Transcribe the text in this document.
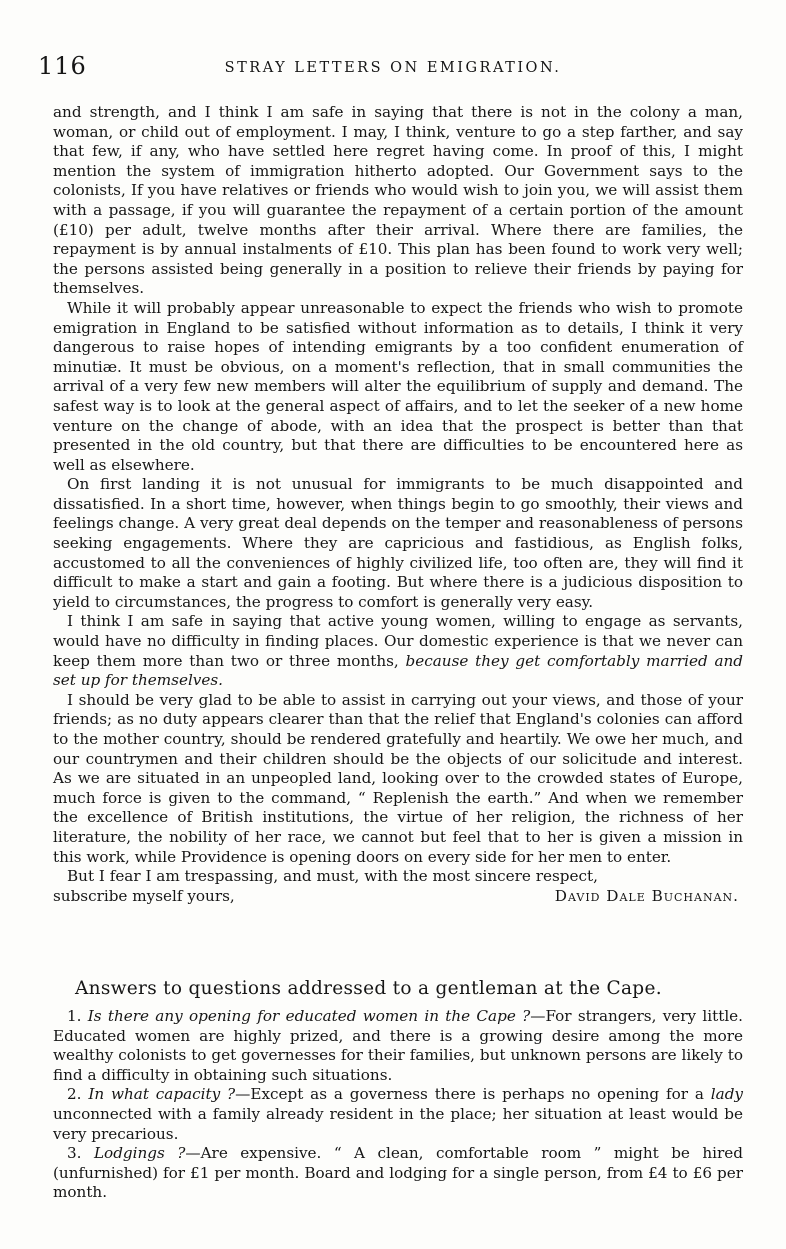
116	STRAY LETTERS ON EMIGRATION.

and strength, and I think I am safe in saying that there is not in the colony a man, woman, or child out of employment. I may, I think, venture to go a step farther, and say that few, if any, who have settled here regret having come. In proof of this, I might mention the system of immigration hitherto adopted. Our Government says to the colonists, If you have relatives or friends who would wish to join you, we will assist them with a passage, if you will guarantee the repayment of a certain portion of the amount (£10) per adult, twelve months after their arrival. Where there are families, the repayment is by annual instalments of £10. This plan has been found to work very well; the persons assisted being generally in a position to relieve their friends by paying for themselves.

While it will probably appear unreasonable to expect the friends who wish to promote emigration in England to be satisfied without information as to details, I think it very dangerous to raise hopes of intending emigrants by a too confident enumeration of minutiæ. It must be obvious, on a moment's reflection, that in small communities the arrival of a very few new members will alter the equilibrium of supply and demand. The safest way is to look at the general aspect of affairs, and to let the seeker of a new home venture on the change of abode, with an idea that the prospect is better than that presented in the old country, but that there are difficulties to be encountered here as well as elsewhere.

On first landing it is not unusual for immigrants to be much disappointed and dissatisfied. In a short time, however, when things begin to go smoothly, their views and feelings change. A very great deal depends on the temper and reasonableness of persons seeking engagements. Where they are capricious and fastidious, as English folks, accustomed to all the conveniences of highly civilized life, too often are, they will find it difficult to make a start and gain a footing. But where there is a judicious disposition to yield to circumstances, the progress to comfort is generally very easy.

I think I am safe in saying that active young women, willing to engage as servants, would have no difficulty in finding places. Our domestic experience is that we never can keep them more than two or three months, because they get comfortably married and set up for themselves.

I should be very glad to be able to assist in carrying out your views, and those of your friends; as no duty appears clearer than that the relief that England's colonies can afford to the mother country, should be rendered gratefully and heartily. We owe her much, and our countrymen and their children should be the objects of our solicitude and interest. As we are situated in an unpeopled land, looking over to the crowded states of Europe, much force is given to the command, “ Replenish the earth.” And when we remember the excellence of British institutions, the virtue of her religion, the richness of her literature, the nobility of her race, we cannot but feel that to her is given a mission in this work, while Providence is opening doors on every side for her men to enter.

But I fear I am trespassing, and must, with the most sincere respect,

subscribe myself yours,	David Dale Buchanan.
Answers to questions addressed to a gentleman at the Cape.

1. Is there any opening for educated women in the Cape ?—For strangers, very little. Educated women are highly prized, and there is a growing desire among the more wealthy colonists to get governesses for their families, but unknown persons are likely to find a difficulty in obtaining such situations.

2. In what capacity ?—Except as a governess there is perhaps no opening for a lady unconnected with a family already resident in the place; her situation at least would be very precarious.

3. Lodgings ?—Are expensive. “ A clean, comfortable room ” might be hired (unfurnished) for £1 per month. Board and lodging for a single person, from £4 to £6 per month.
